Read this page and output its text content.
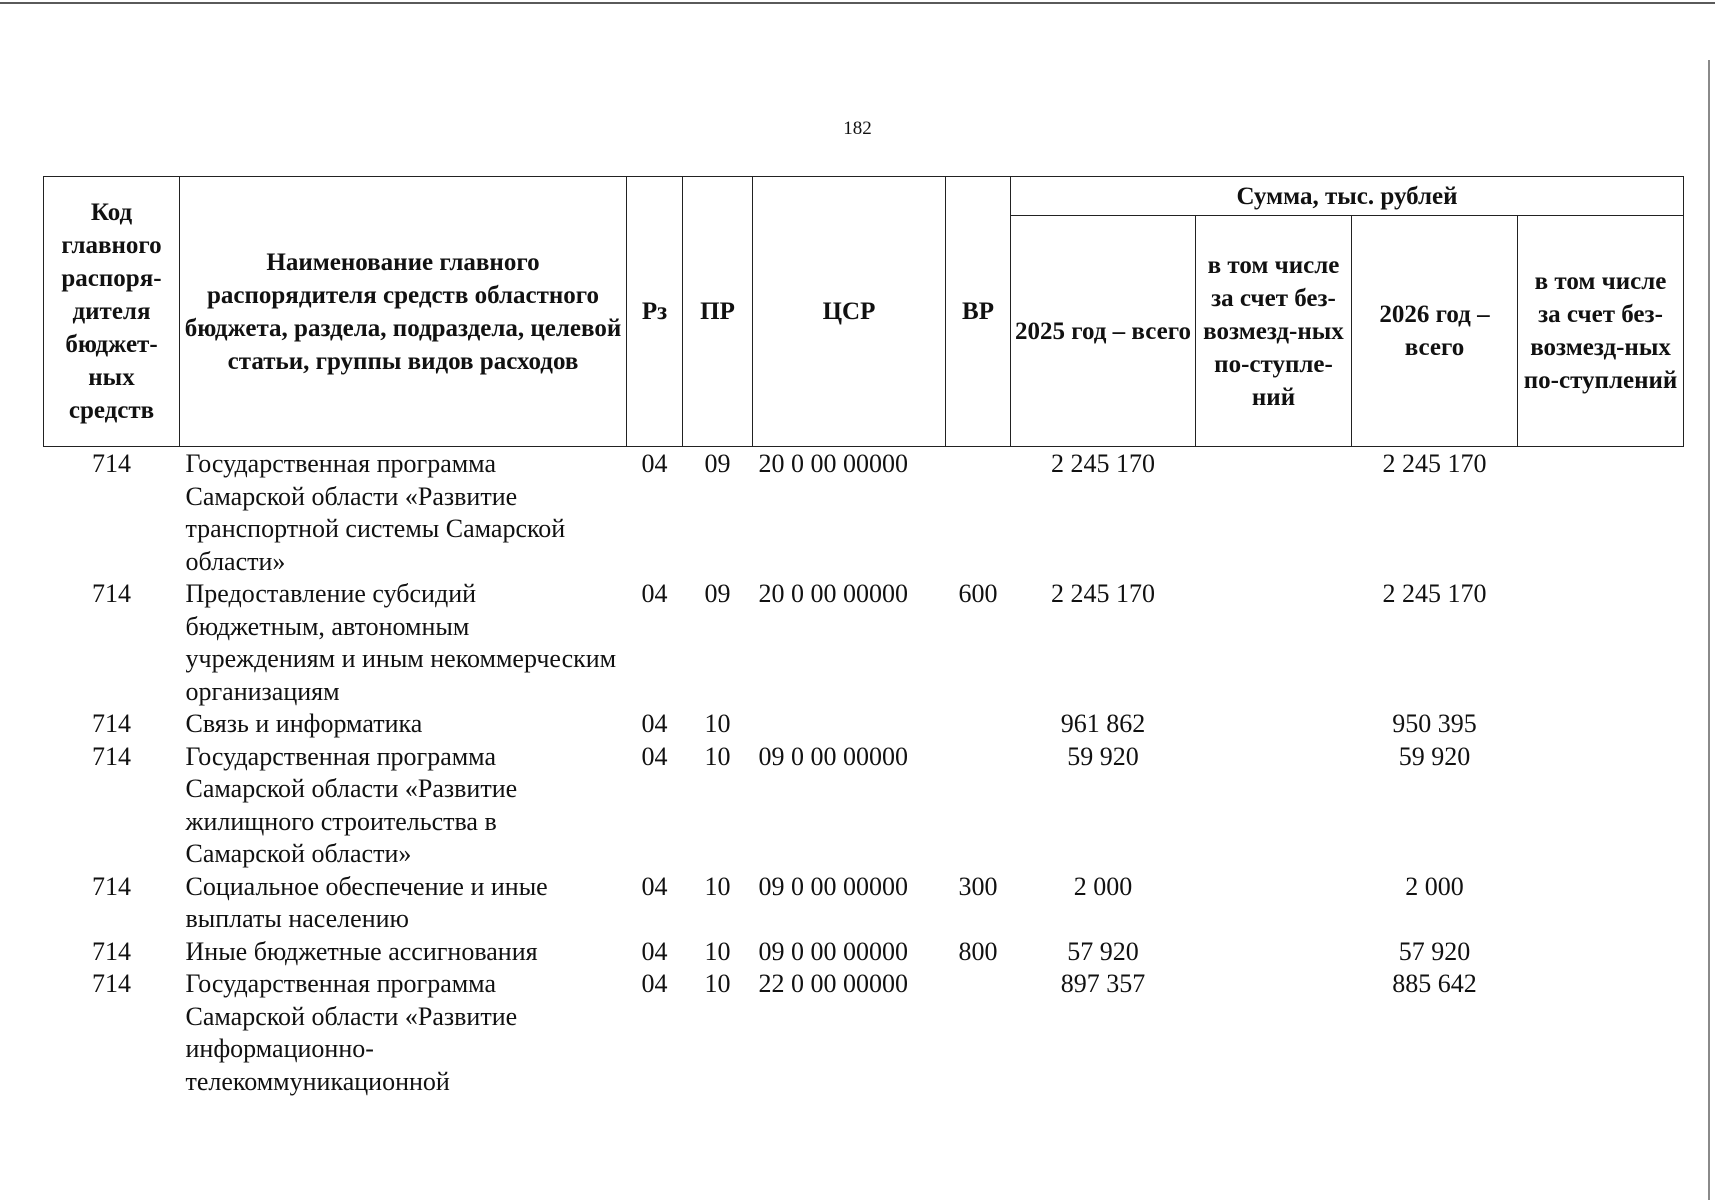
182
Код главного распоря-дителя бюджет-ных средств	Наименование главного распорядителя средств областного бюджета, раздела, подраздела, целевой статьи, группы видов расходов	Рз	ПР	ЦСР	ВР	Сумма, тыс. рублей			
						2025 год – всего	в том числе за счет без-возмезд-ных по-ступле-ний	2026 год – всего	в том числе за счет без-возмезд-ных по-ступлений
714	Государственная программа Самарской области «Развитие транспортной системы Самарской области»	04	09	20 0 00 00000		2 245 170		2 245 170	
714	Предоставление субсидий бюджетным, автономным учреждениям и иным некоммерческим организациям	04	09	20 0 00 00000	600	2 245 170		2 245 170	
714	Связь и информатика	04	10			961 862		950 395	
714	Государственная программа Самарской области «Развитие жилищного строительства в Самарской области»	04	10	09 0 00 00000		59 920		59 920	
714	Социальное обеспечение и иные выплаты населению	04	10	09 0 00 00000	300	2 000		2 000	
714	Иные бюджетные ассигнования	04	10	09 0 00 00000	800	57 920		57 920	
714	Государственная программа Самарской области «Развитие информационно-телекоммуникационной	04	10	22 0 00 00000		897 357		885 642	
